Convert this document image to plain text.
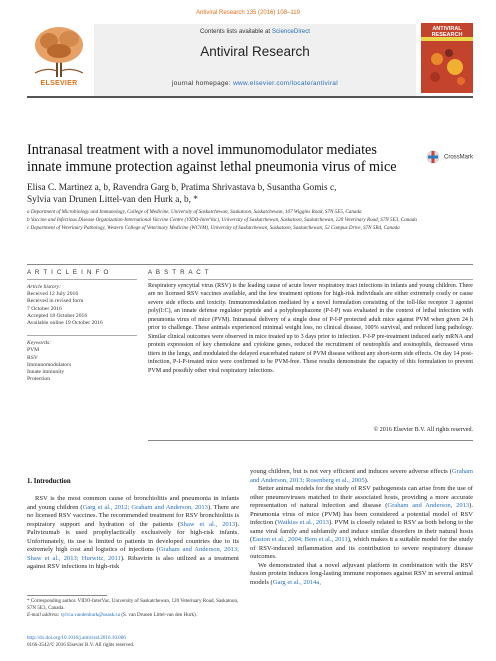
Antiviral Research 135 (2016) 108–119
ELSEVIER
Contents lists available at ScienceDirect
Antiviral Research
journal homepage: www.elsevier.com/locate/antiviral
ANTIVIRAL RESEARCH
Intranasal treatment with a novel immunomodulator mediates innate immune protection against lethal pneumonia virus of mice
CrossMark
Elisa C. Martinez a, b, Ravendra Garg b, Pratima Shrivastava b, Susantha Gomis c,
Sylvia van Drunen Littel-van den Hurk a, b, *

a Department of Microbiology and Immunology, College of Medicine, University of Saskatchewan, Saskatoon, Saskatchewan, 107 Wiggins Road, S7N 5E5, Canada

b Vaccine and Infectious Disease Organization-International Vaccine Centre (VIDO-InterVac), University of Saskatchewan, Saskatoon, Saskatchewan, 120 Veterinary Road, S7N 5E3, Canada

c Department of Veterinary Pathology, Western College of Veterinary Medicine (WCVM), University of Saskatchewan, Saskatoon, Saskatchewan, 52 Campus Drive, S7N 5B4, Canada

A R T I C L E I N F O	A B S T R A C T
Article history:
Received 12 July 2016
Received in revised form
7 October 2016
Accepted 18 October 2016
Available online 19 October 2016
Keywords:
PVM
RSV
Immunomodulators
Innate immunity
Protection
Respiratory syncytial virus (RSV) is the leading cause of acute lower respiratory tract infections in infants and young children. There are no licensed RSV vaccines available, and the few treatment options for high-risk individuals are either extremely costly or cause severe side effects and toxicity. Immunomodulation mediated by a novel formulation consisting of the toll-like receptor 3 agonist poly(I:C), an innate defense regulator peptide and a polyphosphazene (P-I-P) was evaluated in the context of lethal infection with pneumonia virus of mice (PVM). Intranasal delivery of a single dose of P-I-P protected adult mice against PVM when given 24 h prior to challenge. These animals experienced minimal weight loss, no clinical disease, 100% survival, and reduced lung pathology. Similar clinical outcomes were observed in mice treated up to 3 days prior to infection. P-I-P pre-treatment induced early mRNA and protein expression of key chemokine and cytokine genes, reduced the recruitment of neutrophils and eosinophils, decreased virus titers in the lungs, and modulated the delayed exacerbated nature of PVM disease without any short-term side effects. On day 14 post-infection, P-I-P-treated mice were confirmed to be PVM-free. These results demonstrate the capacity of this formulation to prevent PVM and possibly other viral respiratory infections.
© 2016 Elsevier B.V. All rights reserved.
1. Introduction

RSV is the most common cause of bronchiolitis and pneumonia in infants and young children (Garg et al., 2012; Graham and Anderson, 2013). There are no licensed RSV vaccines. The recommended treatment for RSV bronchiolitis is respiratory support and hydration of the patients (Shaw et al., 2013). Palivizumab is used prophylactically exclusively for high-risk infants. Unfortunately, its use is limited to patients in developed countries due to its extremely high cost and logistics of injections (Graham and Anderson, 2013; Shaw et al., 2013; Hurwitz, 2011). Ribavirin is also utilized as a treatment against RSV infections in high-risk

young children, but is not very efficient and induces severe adverse effects (Graham and Anderson, 2013; Rosenberg et al., 2005).

Better animal models for the study of RSV pathogenesis can arise from the use of other pneumoviruses matched to their associated hosts, providing a more accurate representation of natural infection and disease (Graham and Anderson, 2013). Pneumonia virus of mice (PVM) has been considered a potential model of RSV infection (Watkiss et al., 2013). PVM is closely related to RSV as both belong to the same viral family and subfamily and induce similar disorders in their natural hosts (Easton et al., 2004; Bem et al., 2011), which makes it a suitable model for the study of RSV-induced inflammation and its contribution to severe respiratory disease outcomes.

We demonstrated that a novel adjuvant platform in combination with the RSV fusion protein induces long-lasting immune responses against RSV in several animal models (Garg et al., 2014a,

* Corresponding author. VIDO-InterVac, University of Saskatchewan, 120 Veterinary Road, Saskatoon, S7N 5E3, Canada.
E-mail address: sylvia.vandenhurk@usask.ca (S. van Drunen Littel-van den Hurk).
http://dx.doi.org/10.1016/j.antiviral.2016.10.006
0166-3542/© 2016 Elsevier B.V. All rights reserved.
